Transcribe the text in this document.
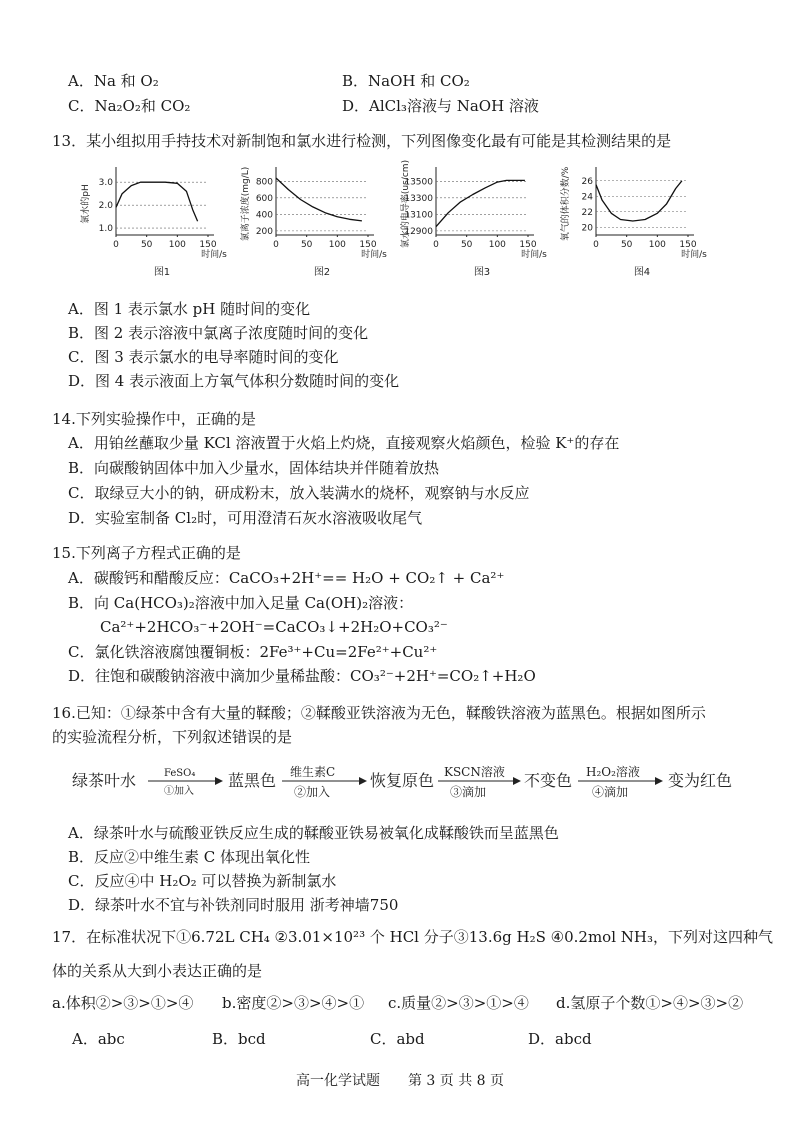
A．Na 和 O₂	B．NaOH 和 CO₂
C．Na₂O₂和 CO₂	D．AlCl₃溶液与 NaOH 溶液
13．某小组拟用手持技术对新制饱和氯水进行检测，下列图像变化最有可能是其检测结果的是
1.0
2.0
3.0
0 50 100 150
时间/s
氯水的pH
图1
200
400
600
800
0 50 100 150
时间/s
氯离子浓度(mg/L)
图2
12900
13100
13300
13500
0 50 100 150
时间/s
氯水的电导率(us/cm)
图3
20
22
24
26
0 50 100 150
时间/s
氧气的体积分数/%
图4
A．图 1 表示氯水 pH 随时间的变化
B．图 2 表示溶液中氯离子浓度随时间的变化
C．图 3 表示氯水的电导率随时间的变化
D．图 4 表示液面上方氧气体积分数随时间的变化
14.下列实验操作中，正确的是
A．用铂丝蘸取少量 KCl 溶液置于火焰上灼烧，直接观察火焰颜色，检验 K⁺的存在
B．向碳酸钠固体中加入少量水，固体结块并伴随着放热
C．取绿豆大小的钠，研成粉末，放入装满水的烧杯，观察钠与水反应
D．实验室制备 Cl₂时，可用澄清石灰水溶液吸收尾气
15.下列离子方程式正确的是
A．碳酸钙和醋酸反应：CaCO₃+2H⁺== H₂O + CO₂↑ + Ca²⁺
B．向 Ca(HCO₃)₂溶液中加入足量 Ca(OH)₂溶液：
Ca²⁺+2HCO₃⁻+2OH⁻=CaCO₃↓+2H₂O+CO₃²⁻
C．氯化铁溶液腐蚀覆铜板：2Fe³⁺+Cu=2Fe²⁺+Cu²⁺
D．往饱和碳酸钠溶液中滴加少量稀盐酸：CO₃²⁻+2H⁺=CO₂↑+H₂O
16.已知：①绿茶中含有大量的鞣酸；②鞣酸亚铁溶液为无色，鞣酸铁溶液为蓝黑色。根据如图所示
的实验流程分析，下列叙述错误的是
绿茶叶水	FeSO₄
①加入
蓝黑色 维生素C
②加入
恢复原色 KSCN溶液
③滴加
不变色 H₂O₂溶液
④滴加
变为红色
A．绿茶叶水与硫酸亚铁反应生成的鞣酸亚铁易被氧化成鞣酸铁而呈蓝黑色
B．反应②中维生素 C 体现出氧化性
C．反应④中 H₂O₂ 可以替换为新制氯水
D．绿茶叶水不宜与补铁剂同时服用 浙考神墙750
17．在标准状况下①6.72L CH₄ ②3.01×10²³ 个 HCl 分子③13.6g H₂S ④0.2mol NH₃，下列对这四种气
体的关系从大到小表达正确的是
a.体积②>③>①>④ b.密度②>③>④>① c.质量②>③>①>④ d.氢原子个数①>④>③>②
A．abc	B．bcd	C．abd	D．abcd
高一化学试题　　第 3 页 共 8 页
